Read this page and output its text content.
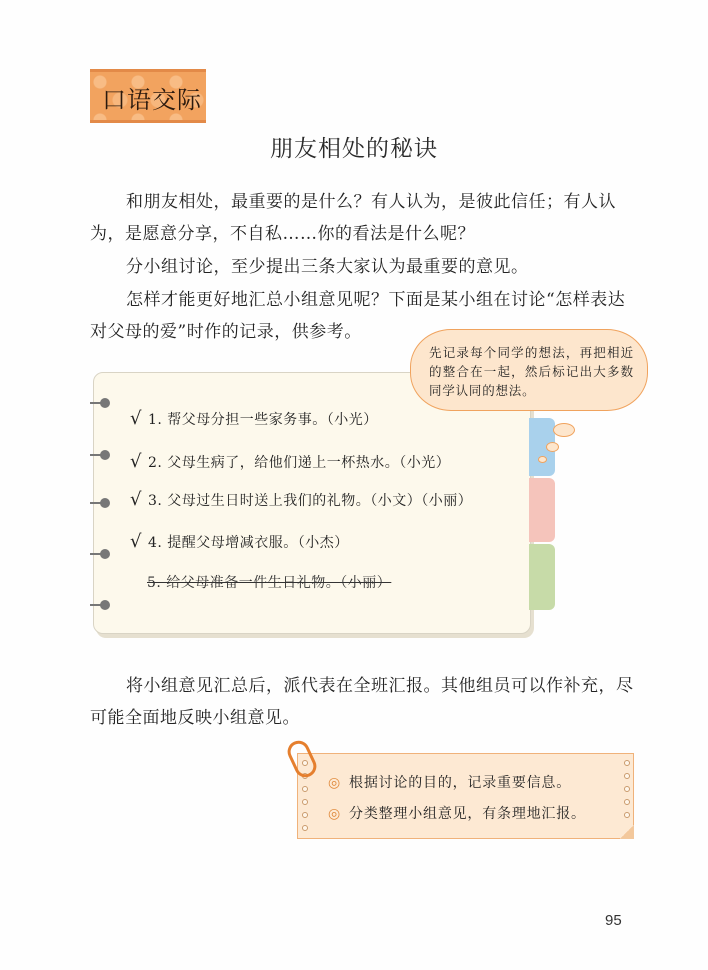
口语交际
朋友相处的秘诀

和朋友相处，最重要的是什么？有人认为，是彼此信任；有人认为，是愿意分享，不自私……你的看法是什么呢？

分小组讨论，至少提出三条大家认为最重要的意见。

怎样才能更好地汇总小组意见呢？下面是某小组在讨论“怎样表达对父母的爱”时作的记录，供参考。

√ 1. 帮父母分担一些家务事。（小光）
√ 2. 父母生病了，给他们递上一杯热水。（小光）
√ 3. 父母过生日时送上我们的礼物。（小文）（小丽）
√ 4. 提醒父母增减衣服。（小杰）
5. 给父母准备一件生日礼物。（小丽）

先记录每个同学的想法，再把相近的整合在一起，然后标记出大多数同学认同的想法。

将小组意见汇总后，派代表在全班汇报。其他组员可以作补充，尽可能全面地反映小组意见。

◎ 根据讨论的目的，记录重要信息。
◎ 分类整理小组意见，有条理地汇报。
95
